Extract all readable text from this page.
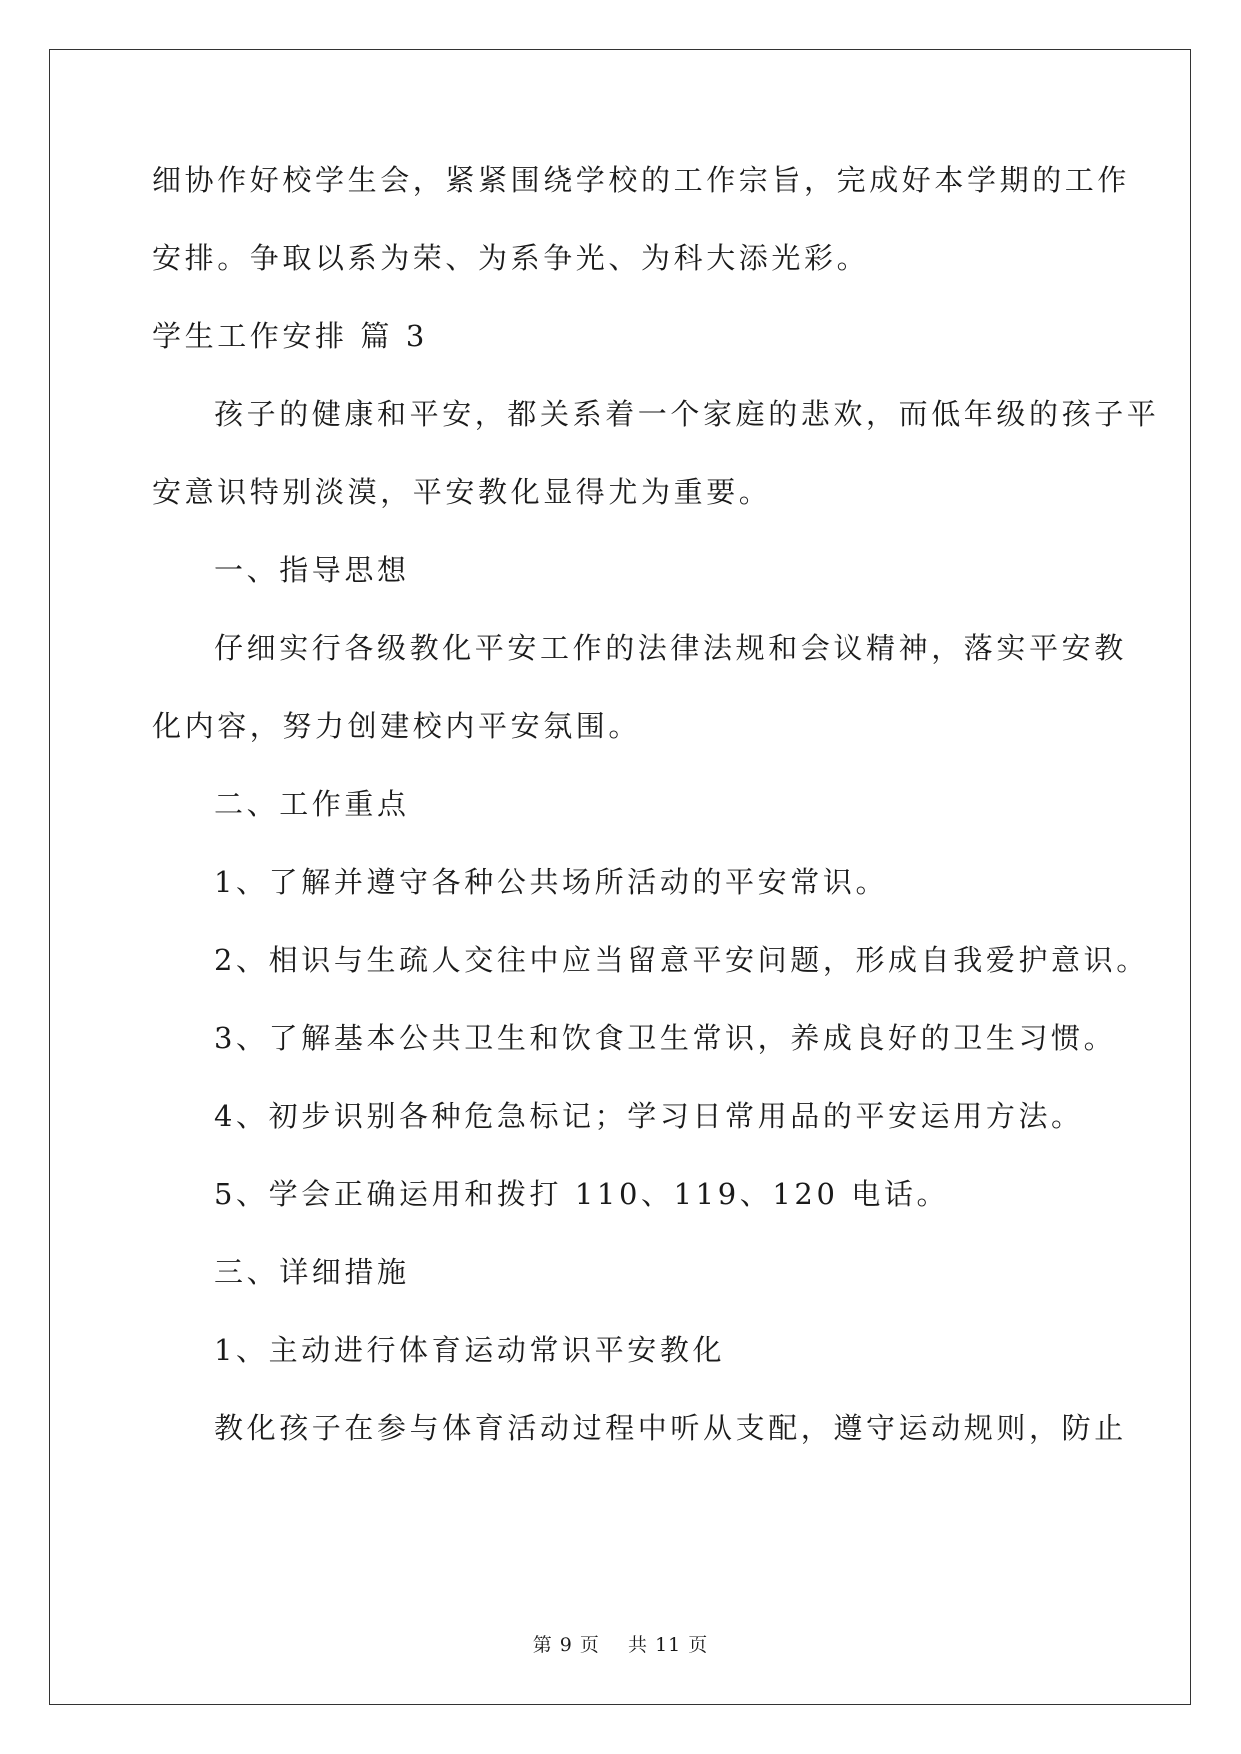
细协作好校学生会，紧紧围绕学校的工作宗旨，完成好本学期的工作
安排。争取以系为荣、为系争光、为科大添光彩。
学生工作安排 篇 3
孩子的健康和平安，都关系着一个家庭的悲欢，而低年级的孩子平
安意识特别淡漠，平安教化显得尤为重要。
一、指导思想
仔细实行各级教化平安工作的法律法规和会议精神，落实平安教
化内容，努力创建校内平安氛围。
二、工作重点
1、了解并遵守各种公共场所活动的平安常识。
2、相识与生疏人交往中应当留意平安问题，形成自我爱护意识。
3、了解基本公共卫生和饮食卫生常识，养成良好的卫生习惯。
4、初步识别各种危急标记；学习日常用品的平安运用方法。
5、学会正确运用和拨打 110、119、120 电话。
三、详细措施
1、主动进行体育运动常识平安教化
教化孩子在参与体育活动过程中听从支配，遵守运动规则，防止
第 9 页    共 11 页
